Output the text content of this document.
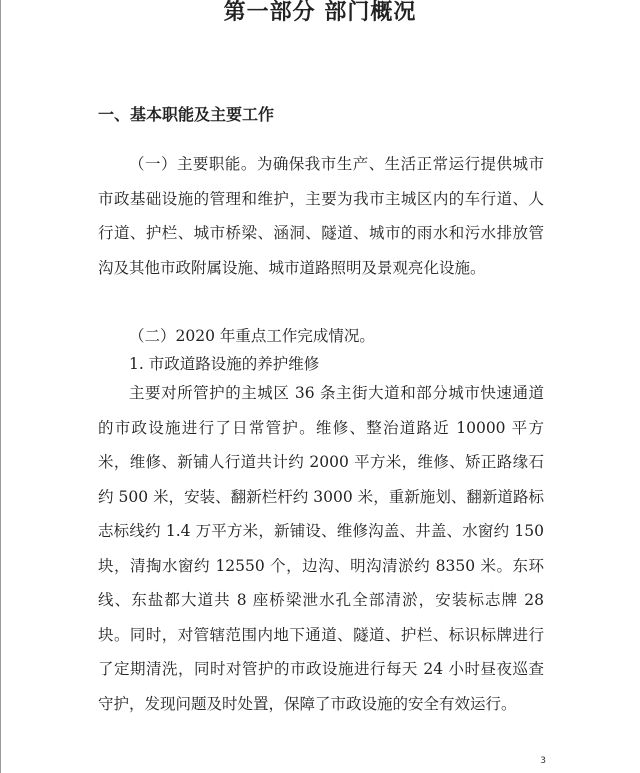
第一部分 部门概况
一、基本职能及主要工作

（一）主要职能。为确保我市生产、生活正常运行提供城市市政基础设施的管理和维护，主要为我市主城区内的车行道、人行道、护栏、城市桥梁、涵洞、隧道、城市的雨水和污水排放管沟及其他市政附属设施、城市道路照明及景观亮化设施。

（二）2020 年重点工作完成情况。

1. 市政道路设施的养护维修

主要对所管护的主城区 36 条主街大道和部分城市快速通道的市政设施进行了日常管护。维修、整治道路近 10000 平方米，维修、新铺人行道共计约 2000 平方米，维修、矫正路缘石约 500 米，安装、翻新栏杆约 3000 米，重新施划、翻新道路标志标线约 1.4 万平方米，新铺设、维修沟盖、井盖、水窗约 150 块，清掏水窗约 12550 个，边沟、明沟清淤约 8350 米。东环线、东盐都大道共 8 座桥梁泄水孔全部清淤，安装标志牌 28 块。同时，对管辖范围内地下通道、隧道、护栏、标识标牌进行了定期清洗，同时对管护的市政设施进行每天 24 小时昼夜巡查守护，发现问题及时处置，保障了市政设施的安全有效运行。

3
